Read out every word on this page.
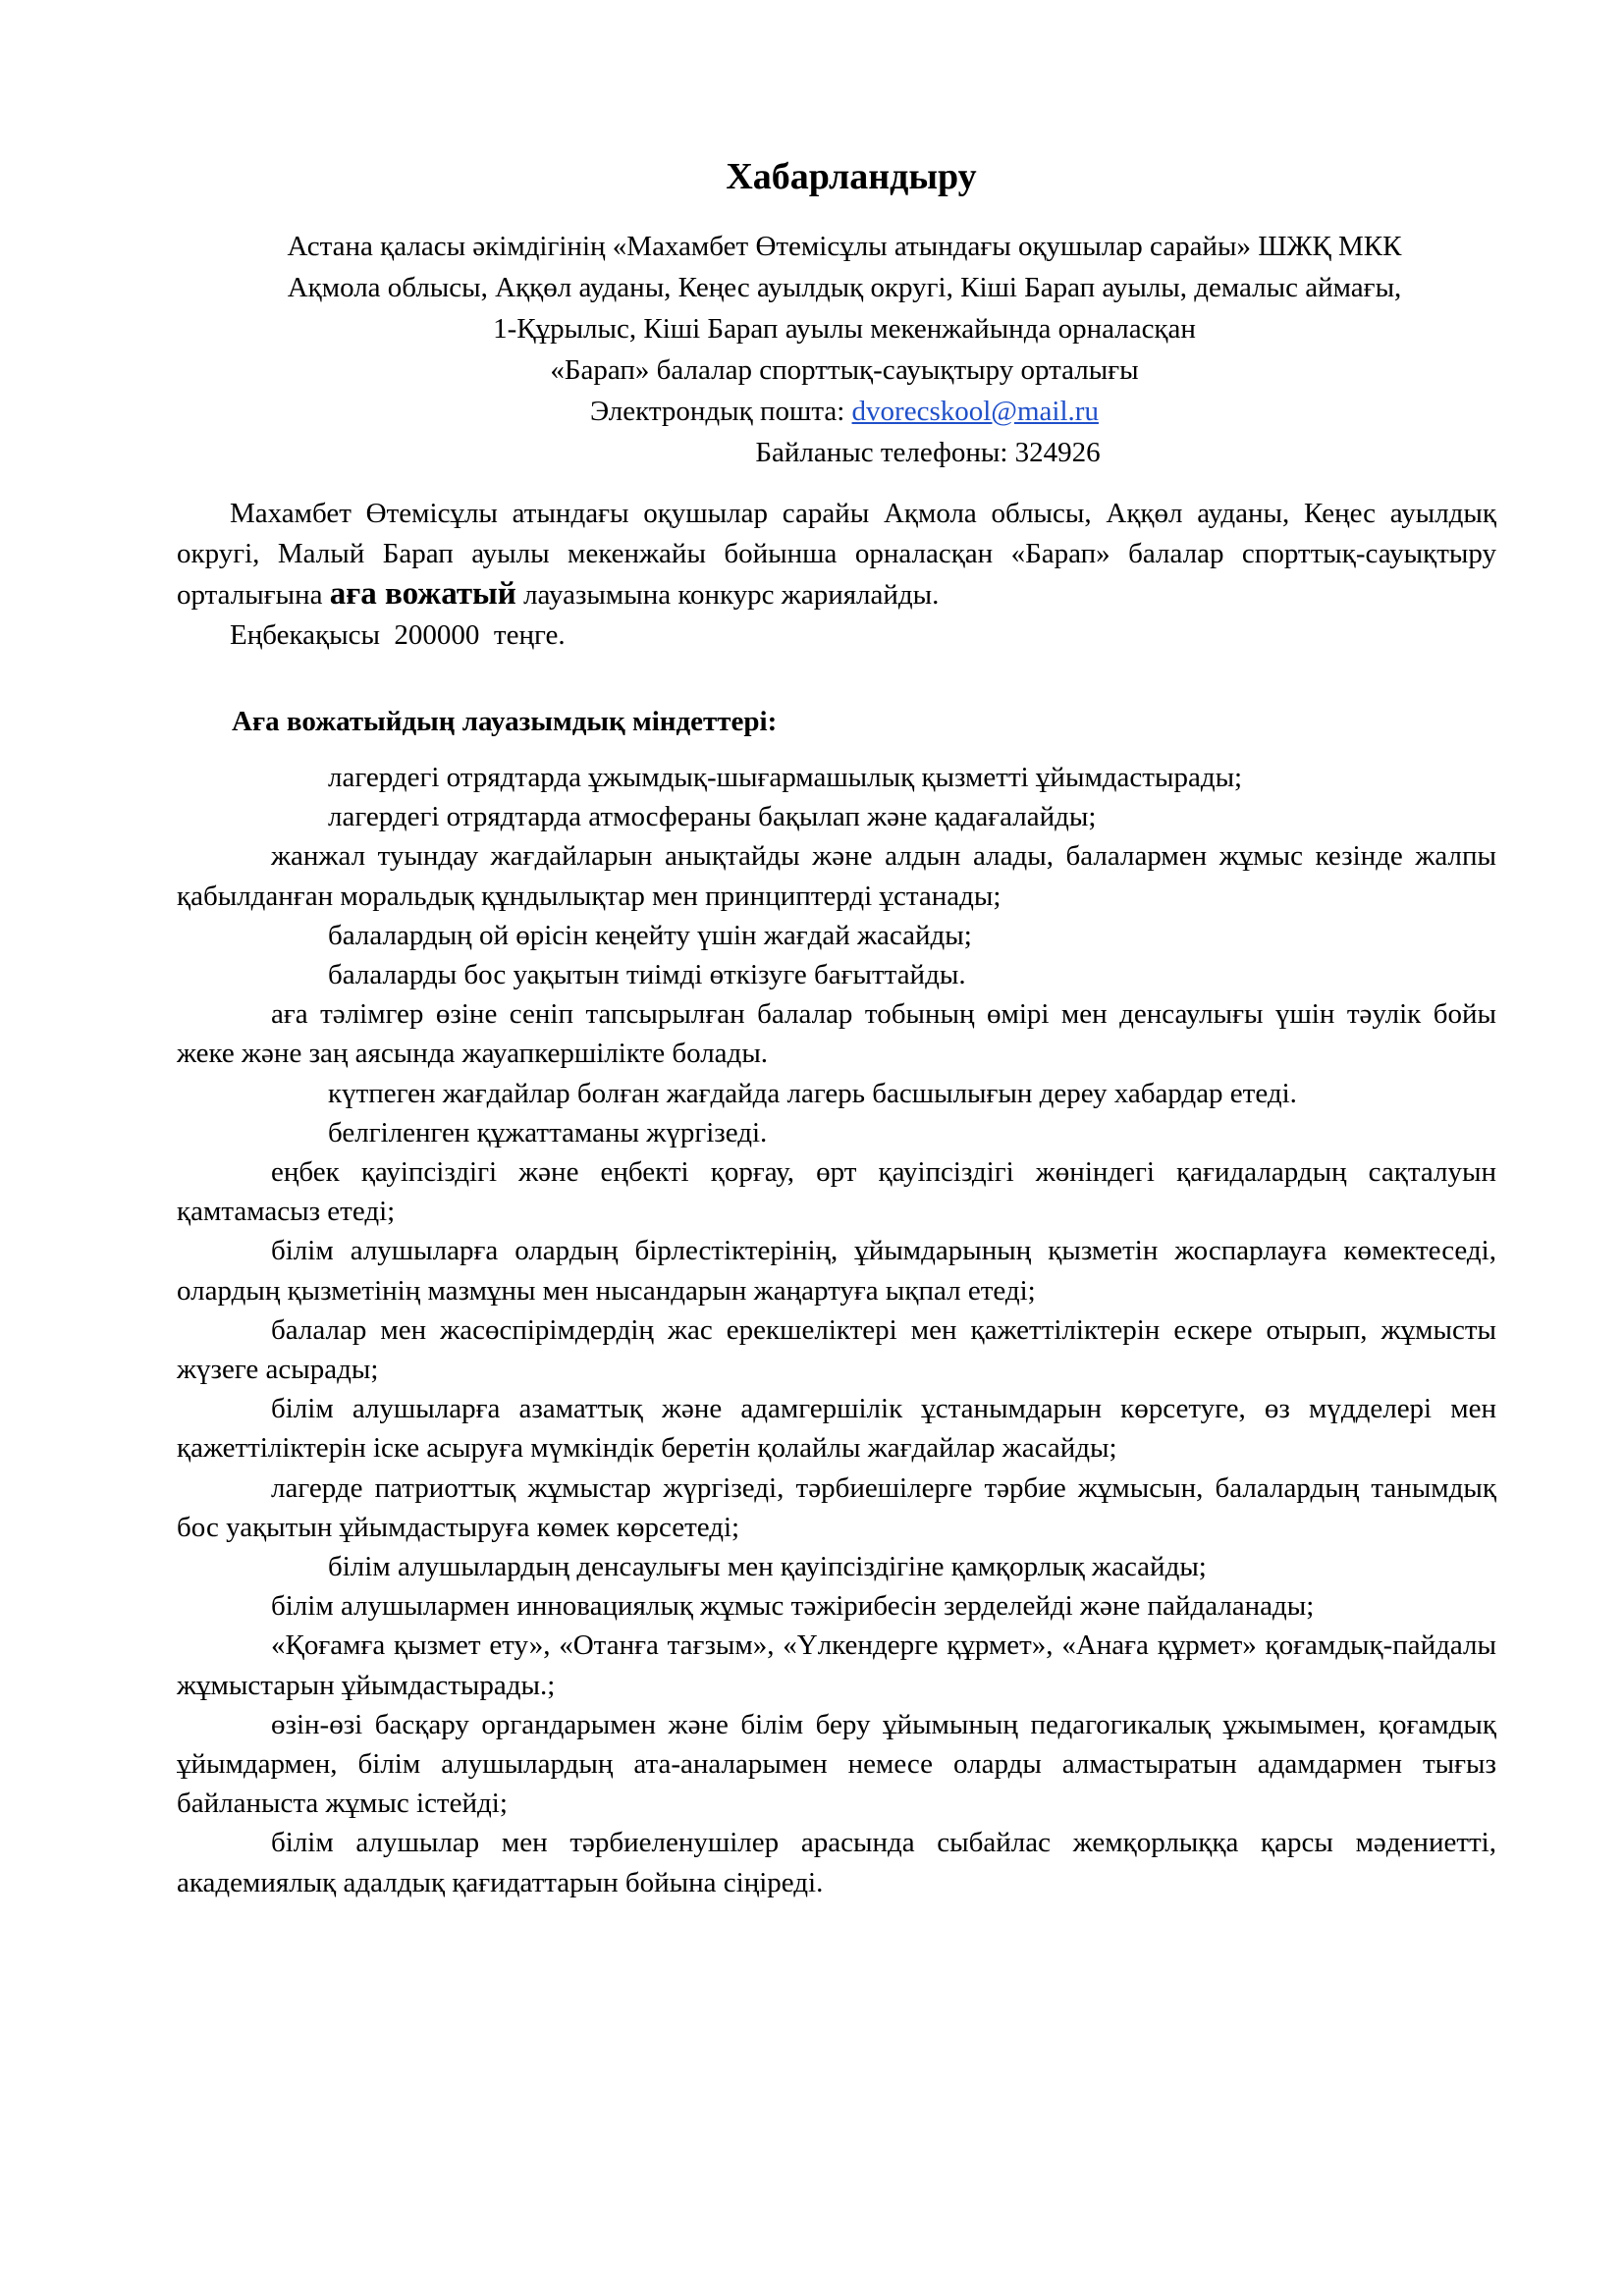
Хабарландыру
Астана қаласы әкімдігінің «Махамбет Өтемісұлы атындағы оқушылар сарайы» ШЖҚ МКК
Ақмола облысы, Аққөл ауданы, Кеңес ауылдық округі, Кіші Барап ауылы, демалыс аймағы,
1-Құрылыс, Кіші Барап ауылы мекенжайында орналасқан
«Барап» балалар спорттық-сауықтыру орталығы
Электрондық пошта: dvorecskool@mail.ru
Байланыс телефоны: 324926

Махамбет Өтемісұлы атындағы оқушылар сарайы Ақмола облысы, Аққөл ауданы, Кеңес ауылдық округі, Малый Барап ауылы мекенжайы бойынша орналасқан «Барап» балалар спорттық-сауықтыру орталығына аға вожатый лауазымына конкурс жариялайды.

Еңбекақысы  200000  теңге.

Аға вожатыйдың лауазымдық міндеттері:

лагердегі отрядтарда ұжымдық-шығармашылық қызметті ұйымдастырады;

лагердегі отрядтарда атмосфераны бақылап және қадағалайды;

жанжал туындау жағдайларын анықтайды және алдын алады, балалармен жұмыс кезінде жалпы қабылданған моральдық құндылықтар мен принциптерді ұстанады;

балалардың ой өрісін кеңейту үшін жағдай жасайды;

балаларды бос уақытын тиімді өткізуге бағыттайды.

аға тәлімгер өзіне сеніп тапсырылған балалар тобының өмірі мен денсаулығы үшін тәулік бойы жеке және заң аясында жауапкершілікте болады.

күтпеген жағдайлар болған жағдайда лагерь басшылығын дереу хабардар етеді.

белгіленген құжаттаманы жүргізеді.

еңбек қауіпсіздігі және еңбекті қорғау, өрт қауіпсіздігі жөніндегі қағидалардың сақталуын қамтамасыз етеді;

білім алушыларға олардың бірлестіктерінің, ұйымдарының қызметін жоспарлауға көмектеседі, олардың қызметінің мазмұны мен нысандарын жаңартуға ықпал етеді;

балалар мен жасөспірімдердің жас ерекшеліктері мен қажеттіліктерін ескере отырып, жұмысты жүзеге асырады;

білім алушыларға азаматтық және адамгершілік ұстанымдарын көрсетуге, өз мүдделері мен қажеттіліктерін іске асыруға мүмкіндік беретін қолайлы жағдайлар жасайды;

лагерде патриоттық жұмыстар жүргізеді, тәрбиешілерге тәрбие жұмысын, балалардың танымдық бос уақытын ұйымдастыруға көмек көрсетеді;

білім алушылардың денсаулығы мен қауіпсіздігіне қамқорлық жасайды;

білім алушылармен инновациялық жұмыс тәжірибесін зерделейді және пайдаланады;

«Қоғамға қызмет ету», «Отанға тағзым», «Үлкендерге құрмет», «Анаға құрмет» қоғамдық-пайдалы жұмыстарын ұйымдастырады.;

өзін-өзі басқару органдарымен және білім беру ұйымының педагогикалық ұжымымен, қоғамдық ұйымдармен, білім алушылардың ата-аналарымен немесе оларды алмастыратын адамдармен тығыз байланыста жұмыс істейді;

білім алушылар мен тәрбиеленушілер арасында сыбайлас жемқорлыққа қарсы мәдениетті, академиялық адалдық қағидаттарын бойына сіңіреді.
